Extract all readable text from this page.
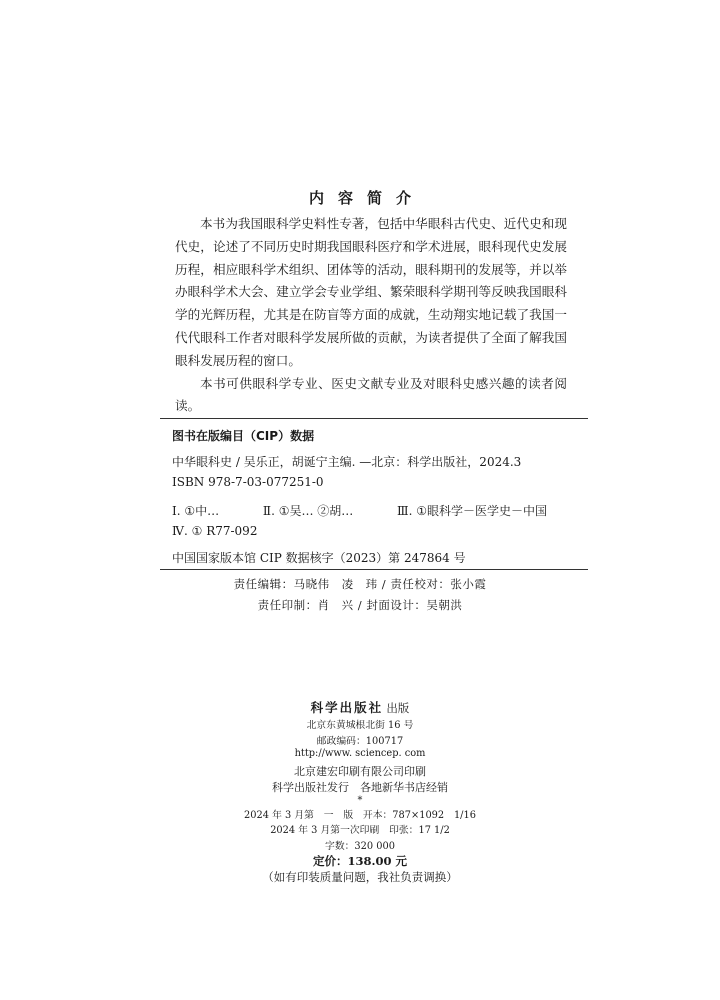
内容简介

本书为我国眼科学史料性专著，包括中华眼科古代史、近代史和现代史，论述了不同历史时期我国眼科医疗和学术进展，眼科现代史发展历程，相应眼科学术组织、团体等的活动，眼科期刊的发展等，并以举办眼科学术大会、建立学会专业学组、繁荣眼科学期刊等反映我国眼科学的光辉历程，尤其是在防盲等方面的成就，生动翔实地记载了我国一代代眼科工作者对眼科学发展所做的贡献，为读者提供了全面了解我国眼科发展历程的窗口。

本书可供眼科学专业、医史文献专业及对眼科史感兴趣的读者阅读。

图书在版编目（CIP）数据
中华眼科史 / 吴乐正，胡诞宁主编. —北京：科学出版社，2024.3
ISBN 978-7-03-077251-0
Ⅰ. ①中…	Ⅱ. ①吴… ②胡…	Ⅲ. ①眼科学－医学史－中国
Ⅳ. ① R77-092
中国国家版本馆 CIP 数据核字（2023）第 247864 号
责任编辑：马晓伟　凌　玮 / 责任校对：张小霞
责任印制：肖　兴 / 封面设计：吴朝洪
科学出版社 出版
北京东黄城根北街 16 号
邮政编码：100717
http://www. sciencep. com
北京建宏印刷有限公司印刷
科学出版社发行　各地新华书店经销
*
2024 年 3 月第　一　版　开本：787×1092　1/16
2024 年 3 月第一次印刷　印张：17 1/2
字数：320 000
定价：138.00 元
（如有印装质量问题，我社负责调换）
